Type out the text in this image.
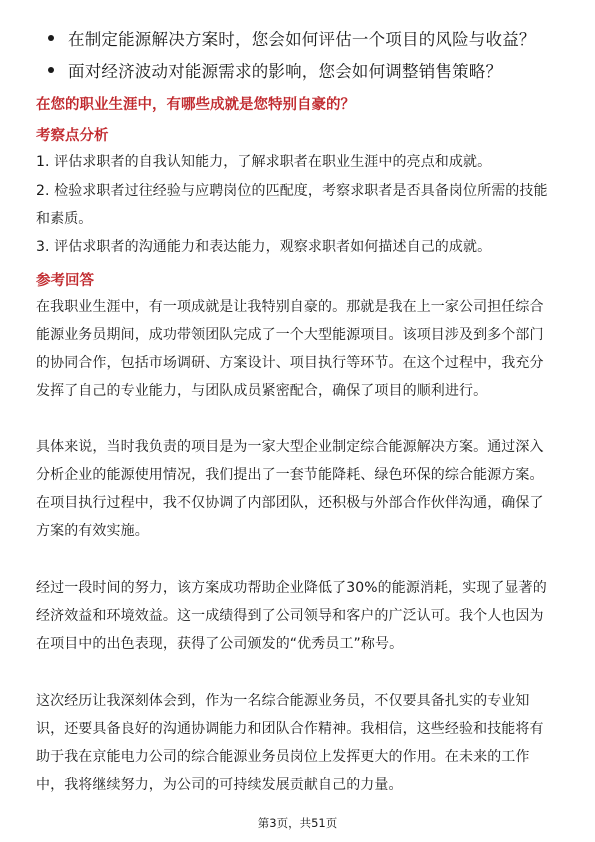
在制定能源解决方案时，您会如何评估一个项目的风险与收益？
面对经济波动对能源需求的影响，您会如何调整销售策略？
在您的职业生涯中，有哪些成就是您特别自豪的？
考察点分析
1. 评估求职者的自我认知能力，了解求职者在职业生涯中的亮点和成就。
2. 检验求职者过往经验与应聘岗位的匹配度，考察求职者是否具备岗位所需的技能
和素质。
3. 评估求职者的沟通能力和表达能力，观察求职者如何描述自己的成就。
参考回答
在我职业生涯中，有一项成就是让我特别自豪的。那就是我在上一家公司担任综合
能源业务员期间，成功带领团队完成了一个大型能源项目。该项目涉及到多个部门
的协同合作，包括市场调研、方案设计、项目执行等环节。在这个过程中，我充分
发挥了自己的专业能力，与团队成员紧密配合，确保了项目的顺利进行。
具体来说，当时我负责的项目是为一家大型企业制定综合能源解决方案。通过深入
分析企业的能源使用情况，我们提出了一套节能降耗、绿色环保的综合能源方案。
在项目执行过程中，我不仅协调了内部团队，还积极与外部合作伙伴沟通，确保了
方案的有效实施。
经过一段时间的努力，该方案成功帮助企业降低了30%的能源消耗，实现了显著的
经济效益和环境效益。这一成绩得到了公司领导和客户的广泛认可。我个人也因为
在项目中的出色表现，获得了公司颁发的“优秀员工”称号。
这次经历让我深刻体会到，作为一名综合能源业务员，不仅要具备扎实的专业知
识，还要具备良好的沟通协调能力和团队合作精神。我相信，这些经验和技能将有
助于我在京能电力公司的综合能源业务员岗位上发挥更大的作用。在未来的工作
中，我将继续努力，为公司的可持续发展贡献自己的力量。
第3页，共51页
